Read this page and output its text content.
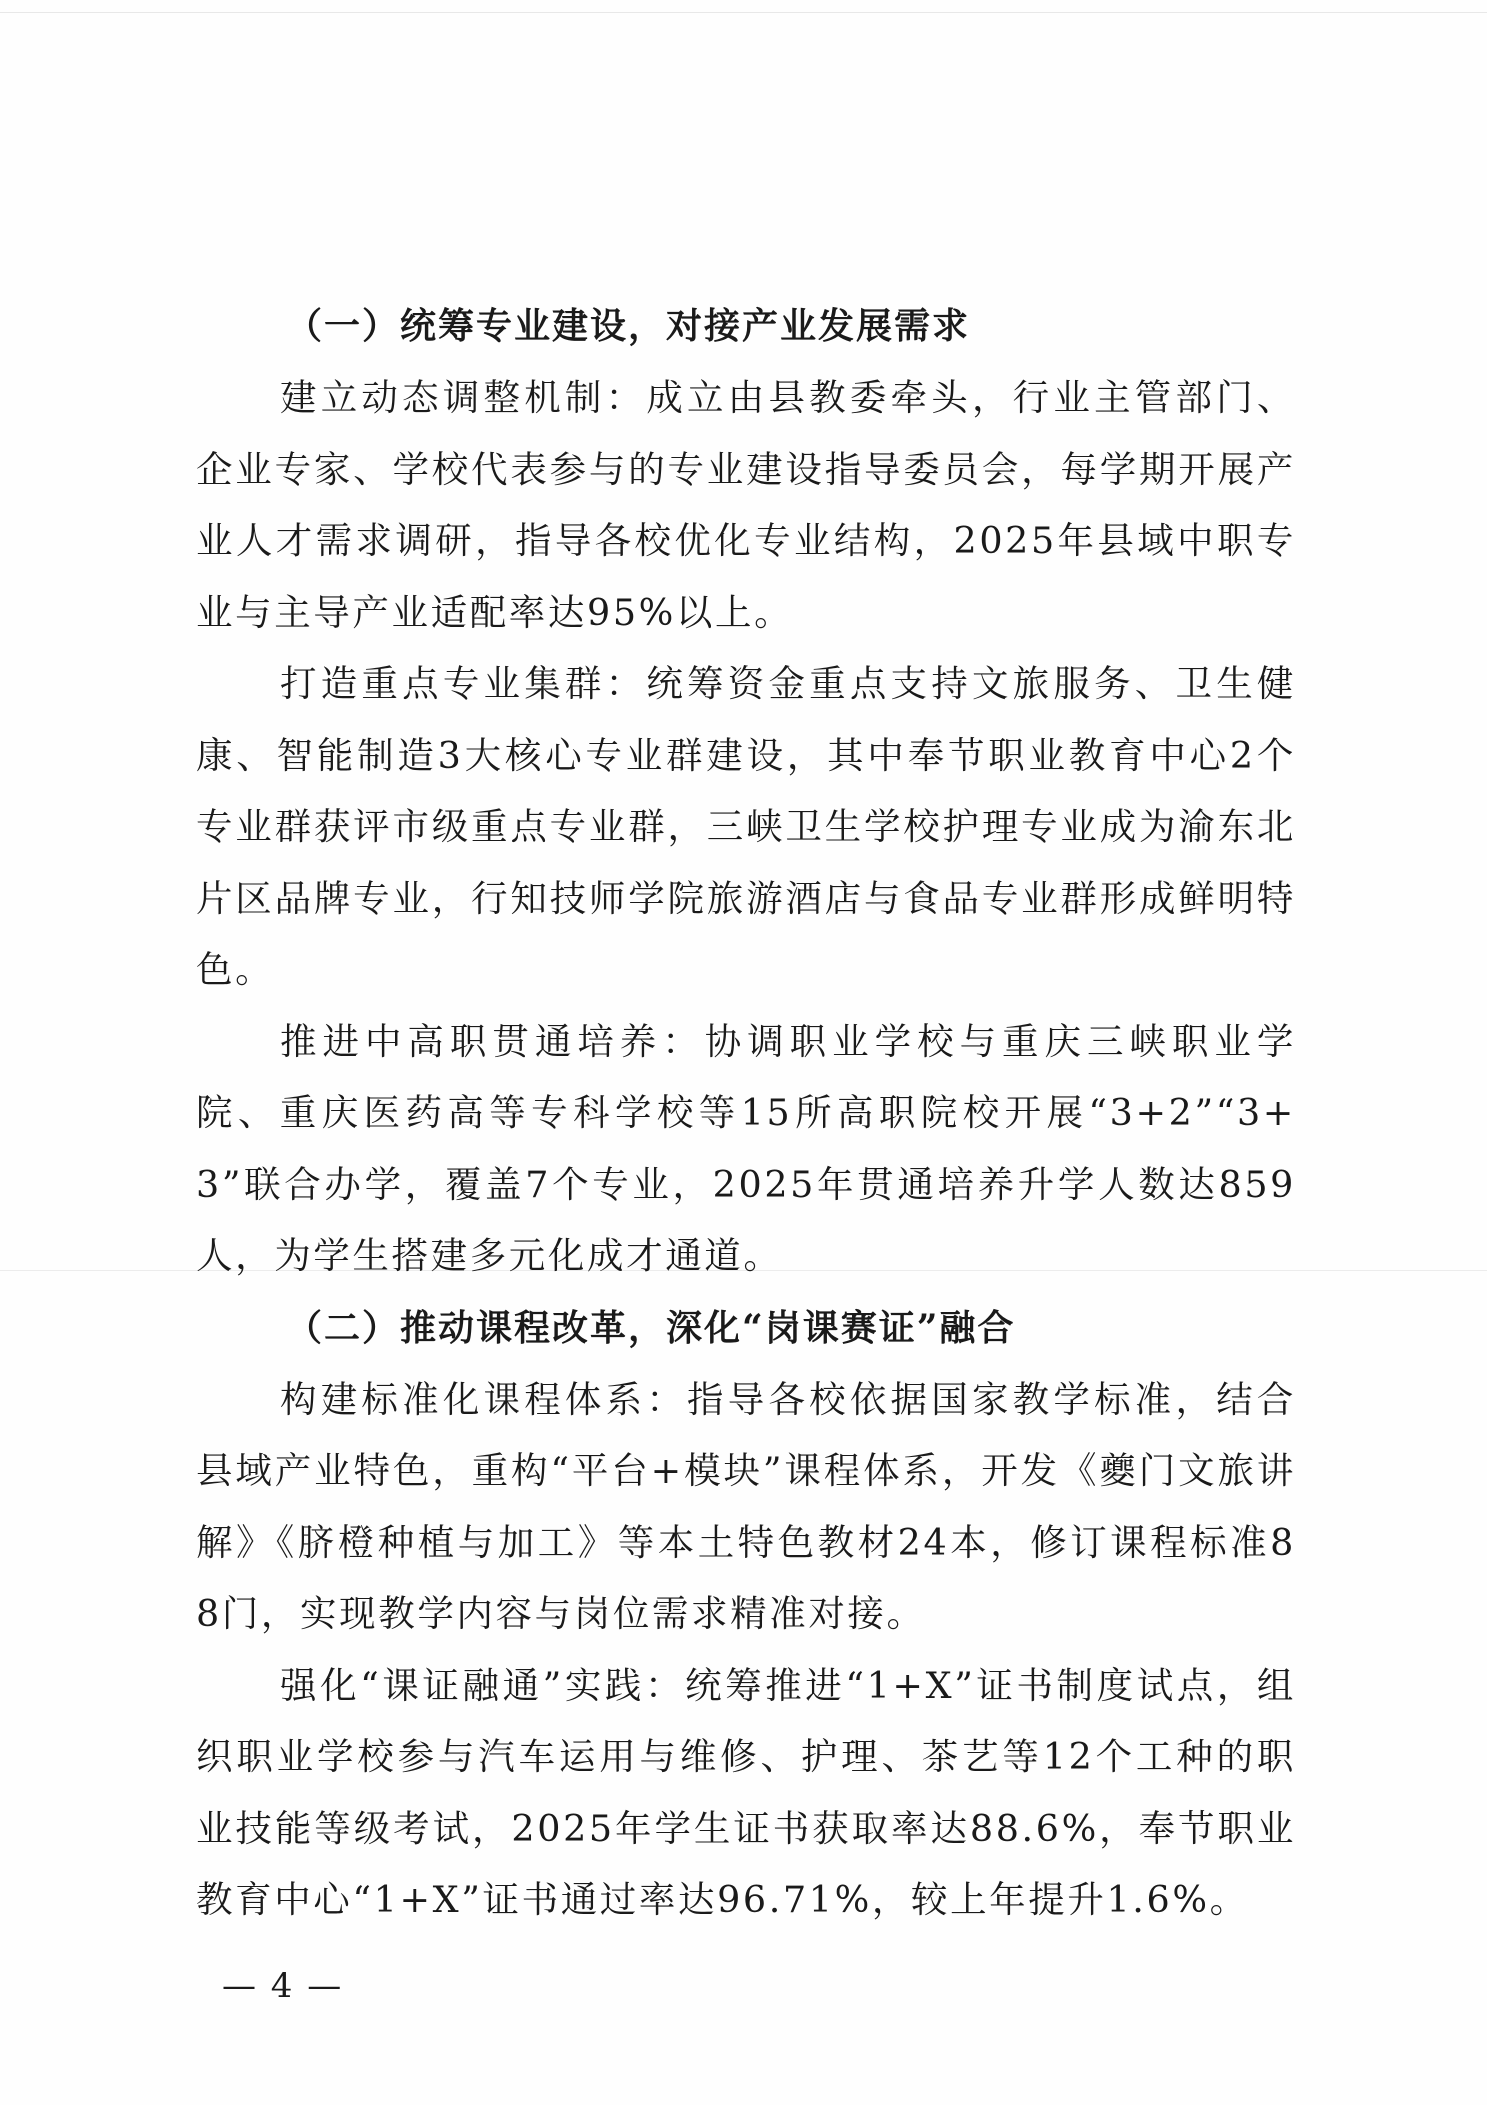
（一）统筹专业建设，对接产业发展需求

建立动态调整机制：成立由县教委牵头，行业主管部门、企业专家、学校代表参与的专业建设指导委员会，每学期开展产业人才需求调研，指导各校优化专业结构，2025年县域中职专业与主导产业适配率达95%以上。

打造重点专业集群：统筹资金重点支持文旅服务、卫生健康、智能制造3大核心专业群建设，其中奉节职业教育中心2个专业群获评市级重点专业群，三峡卫生学校护理专业成为渝东北片区品牌专业，行知技师学院旅游酒店与食品专业群形成鲜明特色。

推进中高职贯通培养：协调职业学校与重庆三峡职业学院、重庆医药高等专科学校等15所高职院校开展“3+2”“3+3”联合办学，覆盖7个专业，2025年贯通培养升学人数达859人，为学生搭建多元化成才通道。

（二）推动课程改革，深化“岗课赛证”融合

构建标准化课程体系：指导各校依据国家教学标准，结合县域产业特色，重构“平台+模块”课程体系，开发《夔门文旅讲解》《脐橙种植与加工》等本土特色教材24本，修订课程标准88门，实现教学内容与岗位需求精准对接。

强化“课证融通”实践：统筹推进“1+X”证书制度试点，组织职业学校参与汽车运用与维修、护理、茶艺等12个工种的职业技能等级考试，2025年学生证书获取率达88.6%，奉节职业教育中心“1+X”证书通过率达96.71%，较上年提升1.6%。

— 4 —
